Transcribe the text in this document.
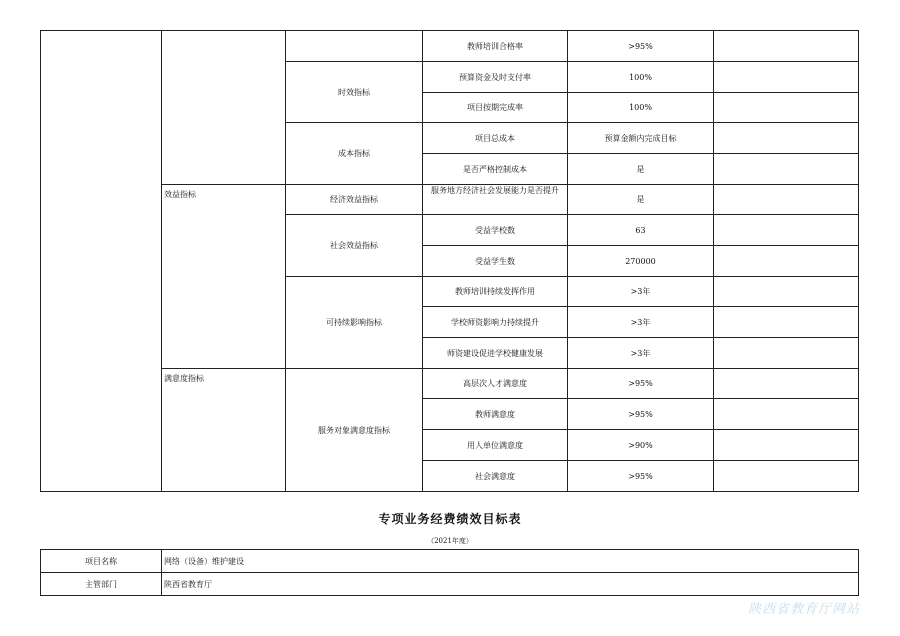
			教师培训合格率	>95%	
		时效指标	预算资金及时支付率	100%	
			项目按期完成率	100%	
		成本指标	项目总成本	预算金额内完成目标	
			是否严格控制成本	是	
	效益指标	经济效益指标	服务地方经济社会发展能力是否提升	是	
		社会效益指标	受益学校数	63	
			受益学生数	270000	
		可持续影响指标	教师培训持续发挥作用	>3年	
			学校师资影响力持续提升	>3年	
			师资建设促进学校健康发展	>3年	
	满意度指标	服务对象满意度指标	高层次人才满意度	>95%	
			教师满意度	>95%	
			用人单位满意度	>90%	
			社会满意度	>95%	
专项业务经费绩效目标表
（2021年度）
项目名称	网络（设备）维护建设
主管部门	陕西省教育厅
陕西省教育厅网站
